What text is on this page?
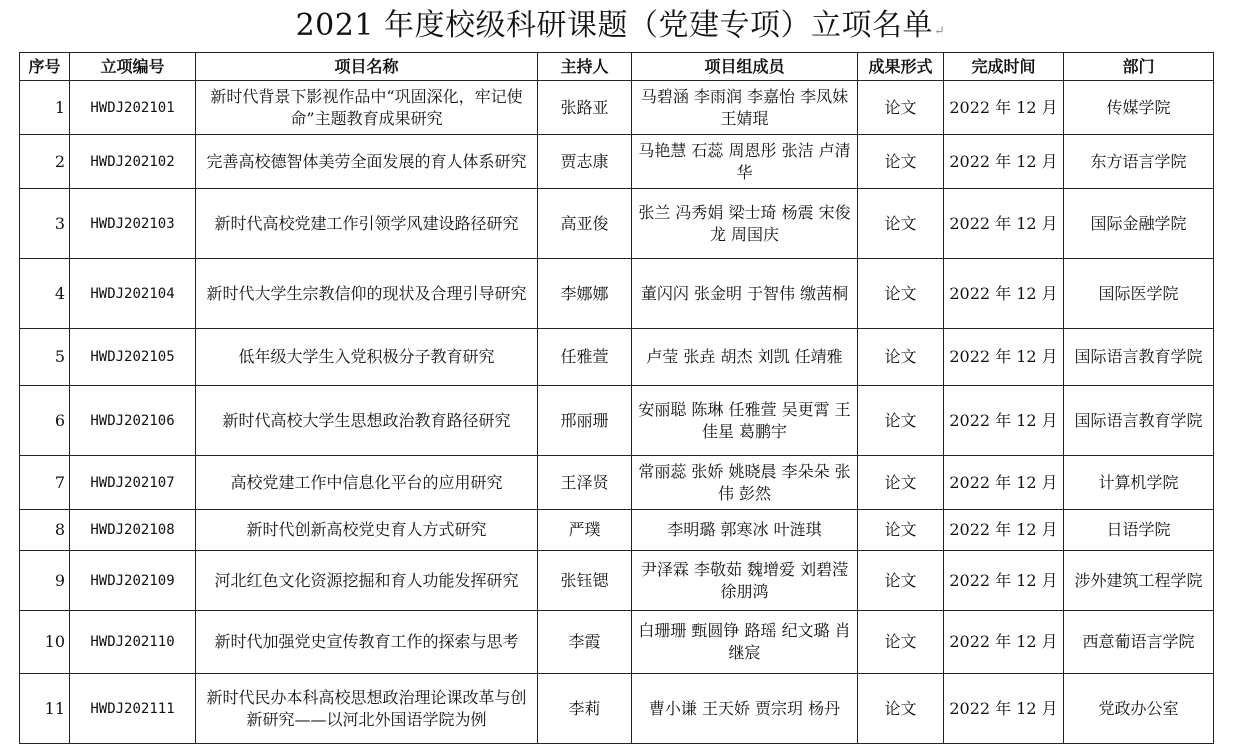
2021 年度校级科研课题（党建专项）立项名单↵
序号	立项编号	项目名称	主持人	项目组成员	成果形式	完成时间	部门
1	HWDJ202101	新时代背景下影视作品中“巩固深化，牢记使命”主题教育成果研究	张路亚	马碧涵 李雨润 李嘉怡 李凤妹 王婧琨	论文	2022 年 12 月	传媒学院
2	HWDJ202102	完善高校德智体美劳全面发展的育人体系研究	贾志康	马艳慧 石蕊 周恩彤 张洁 卢清华	论文	2022 年 12 月	东方语言学院
3	HWDJ202103	新时代高校党建工作引领学风建设路径研究	高亚俊	张兰 冯秀娟 梁士琦 杨震 宋俊龙 周国庆	论文	2022 年 12 月	国际金融学院
4	HWDJ202104	新时代大学生宗教信仰的现状及合理引导研究	李娜娜	董闪闪 张金明 于智伟 缴茜桐	论文	2022 年 12 月	国际医学院
5	HWDJ202105	低年级大学生入党积极分子教育研究	任雅萱	卢莹 张垚 胡杰 刘凯 任靖雅	论文	2022 年 12 月	国际语言教育学院
6	HWDJ202106	新时代高校大学生思想政治教育路径研究	邢丽珊	安丽聪 陈琳 任雅萱 吴更霄 王佳星 葛鹏宇	论文	2022 年 12 月	国际语言教育学院
7	HWDJ202107	高校党建工作中信息化平台的应用研究	王泽贤	常丽蕊 张娇 姚晓晨 李朵朵 张伟 彭然	论文	2022 年 12 月	计算机学院
8	HWDJ202108	新时代创新高校党史育人方式研究	严璞	李明璐 郭寒冰 叶涟琪	论文	2022 年 12 月	日语学院
9	HWDJ202109	河北红色文化资源挖掘和育人功能发挥研究	张钰锶	尹泽霖 李敬茹 魏增爱 刘碧滢 徐朋鸿	论文	2022 年 12 月	涉外建筑工程学院
10	HWDJ202110	新时代加强党史宣传教育工作的探索与思考	李霞	白珊珊 甄圆铮 路瑶 纪文璐 肖继宸	论文	2022 年 12 月	西意葡语言学院
11	HWDJ202111	新时代民办本科高校思想政治理论课改革与创新研究——以河北外国语学院为例	李莉	曹小谦 王天娇 贾宗玥 杨丹	论文	2022 年 12 月	党政办公室
